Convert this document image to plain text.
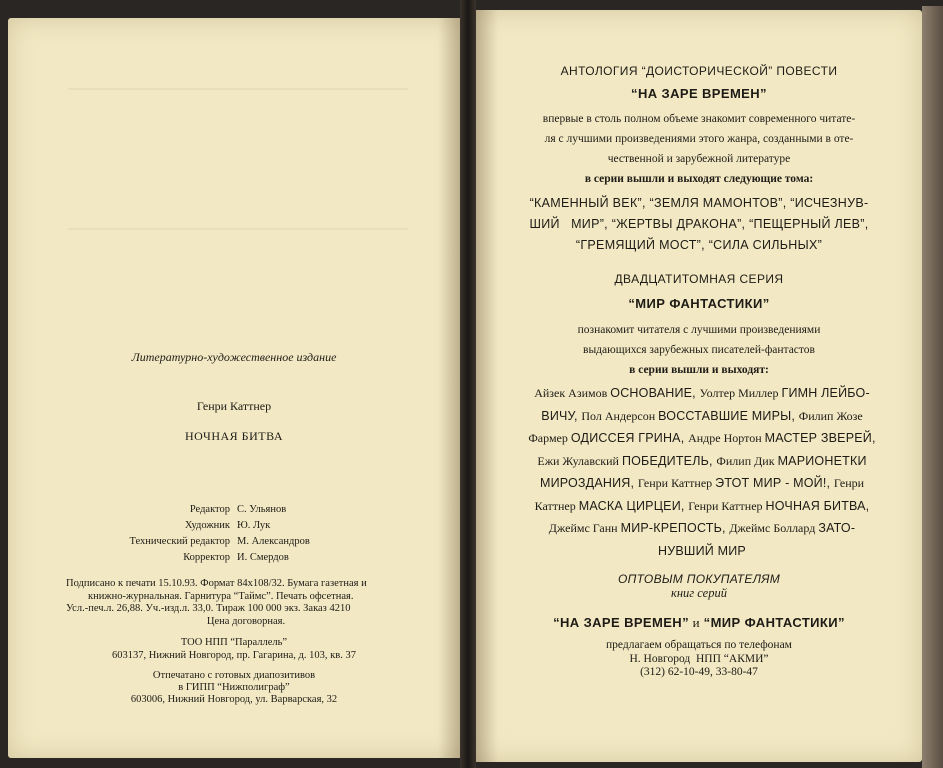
Литературно-художественное издание
Генри Каттнер
НОЧНАЯ БИТВА
Редактор С. Ульянов
Художник Ю. Лук
Технический редактор М. Александров
Корректор И. Смердов
Подписано к печати 15.10.93. Формат 84х108/32. Бумага газетная и
книжно-журнальная. Гарнитура “Таймс”. Печать офсетная.
Усл.-печ.л. 26,88. Уч.-изд.л. 33,0. Тираж 100 000 экз. Заказ 4210
Цена договорная.
ТОО НПП “Параллель”
603137, Нижний Новгород, пр. Гагарина, д. 103, кв. 37
Отпечатано с готовых диапозитивов
в ГИПП “Нижполиграф”
603006, Нижний Новгород, ул. Варварская, 32
АНТОЛОГИЯ “ДОИСТОРИЧЕСКОЙ” ПОВЕСТИ
“НА ЗАРЕ ВРЕМЕН”
впервые в столь полном объеме знакомит современного читате-
ля с лучшими произведениями этого жанра, созданными в оте-
чественной и зарубежной литературе
в серии вышли и выходят следующие тома:
“КАМЕННЫЙ ВЕК”, “ЗЕМЛЯ МАМОНТОВ”, “ИСЧЕЗНУВ-
ШИЙ   МИР”, “ЖЕРТВЫ ДРАКОНА”, “ПЕЩЕРНЫЙ ЛЕВ”,
“ГРЕМЯЩИЙ МОСТ”, “СИЛА СИЛЬНЫХ”
ДВАДЦАТИТОМНАЯ СЕРИЯ
“МИР ФАНТАСТИКИ”
познакомит читателя с лучшими произведениями
выдающихся зарубежных писателей-фантастов
в серии вышли и выходят:
Айзек Азимов ОСНОВАНИЕ, Уолтер Миллер ГИМН ЛЕЙБО-
ВИЧУ, Пол Андерсон ВОССТАВШИЕ МИРЫ, Филип Жозе
Фармер ОДИССЕЯ ГРИНА, Андре Нортон МАСТЕР ЗВЕРЕЙ,
Ежи Жулавский ПОБЕДИТЕЛЬ, Филип Дик МАРИОНЕТКИ
МИРОЗДАНИЯ, Генри Каттнер ЭТОТ МИР - МОЙ!, Генри
Каттнер МАСКА ЦИРЦЕИ, Генри Каттнер НОЧНАЯ БИТВА,
Джеймс Ганн МИР-КРЕПОСТЬ, Джеймс Боллард ЗАТО-
НУВШИЙ МИР
ОПТОВЫМ ПОКУПАТЕЛЯМ
книг серий
“НА ЗАРЕ ВРЕМЕН” и “МИР ФАНТАСТИКИ”
предлагаем обращаться по телефонам
Н. Новгород  НПП “АКМИ”
(312) 62-10-49, 33-80-47
